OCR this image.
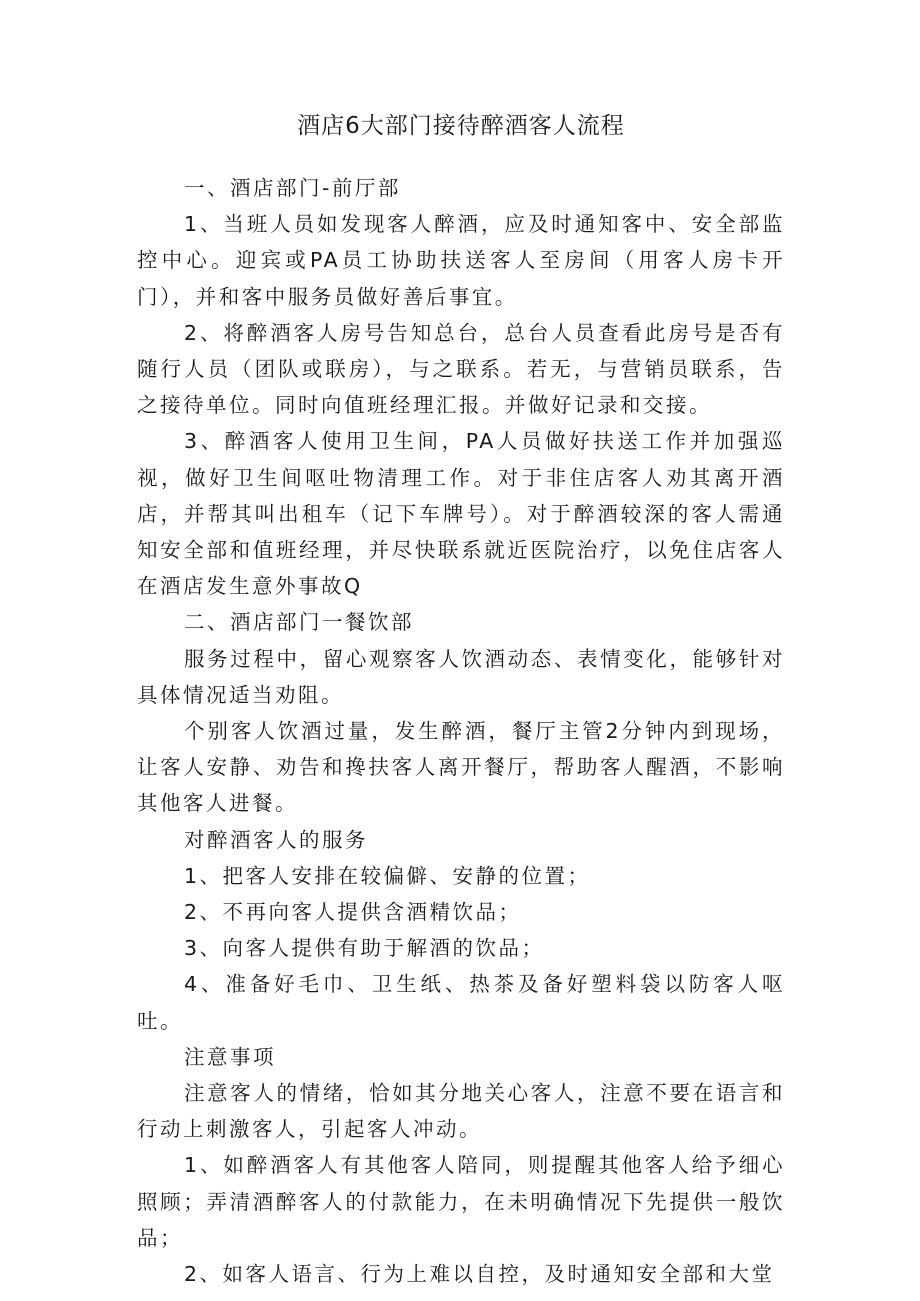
酒店6大部门接待醉酒客人流程

一、酒店部门-前厅部

1、当班人员如发现客人醉酒，应及时通知客中、安全部监控中心。迎宾或PA员工协助扶送客人至房间（用客人房卡开门），并和客中服务员做好善后事宜。

2、将醉酒客人房号告知总台，总台人员查看此房号是否有随行人员（团队或联房），与之联系。若无，与营销员联系，告之接待单位。同时向值班经理汇报。并做好记录和交接。

3、醉酒客人使用卫生间，PA人员做好扶送工作并加强巡视，做好卫生间呕吐物清理工作。对于非住店客人劝其离开酒店，并帮其叫出租车（记下车牌号）。对于醉酒较深的客人需通知安全部和值班经理，并尽快联系就近医院治疗，以免住店客人在酒店发生意外事故Q

二、酒店部门一餐饮部

服务过程中，留心观察客人饮酒动态、表情变化，能够针对具体情况适当劝阻。

个别客人饮酒过量，发生醉酒，餐厅主管2分钟内到现场，让客人安静、劝告和搀扶客人离开餐厅，帮助客人醒酒，不影响其他客人进餐。

对醉酒客人的服务

1、把客人安排在较偏僻、安静的位置；

2、不再向客人提供含酒精饮品；

3、向客人提供有助于解酒的饮品；

4、准备好毛巾、卫生纸、热茶及备好塑料袋以防客人呕吐。

注意事项

注意客人的情绪，恰如其分地关心客人，注意不要在语言和行动上刺激客人，引起客人冲动。

1、如醉酒客人有其他客人陪同，则提醒其他客人给予细心照顾；弄清酒醉客人的付款能力，在未明确情况下先提供一般饮品；

2、如客人语言、行为上难以自控，及时通知安全部和大堂
